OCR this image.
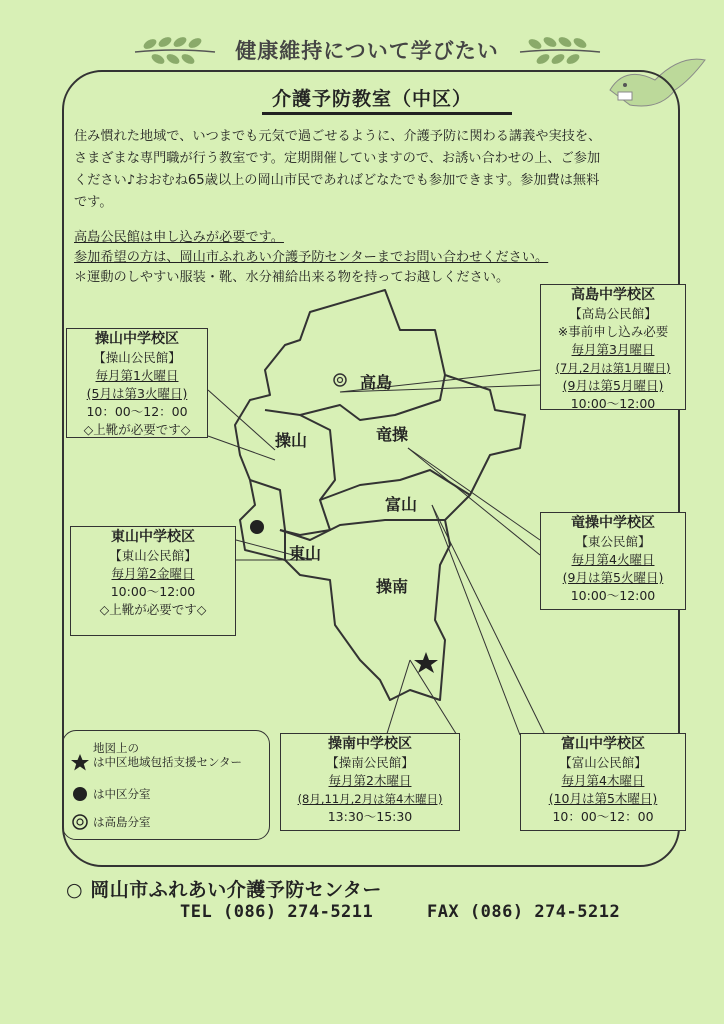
健康維持について学びたい
介護予防教室（中区）
住み慣れた地域で、いつまでも元気で過ごせるように、介護予防に関わる講義や実技を、
さまざまな専門職が行う教室です。定期開催していますので、お誘い合わせの上、ご参加
ください♪おおむね65歳以上の岡山市民であればどなたでも参加できます。参加費は無料
です。
高島公民館は申し込みが必要です。
参加希望の方は、岡山市ふれあい介護予防センターまでお問い合わせください。
＊運動のしやすい服装・靴、水分補給出来る物を持ってお越しください。
高島
操山	竜操
富山
東山
操南
高島中学校区
【高島公民館】
※事前申し込み必要
毎月第3月曜日
(7月,2月は第1月曜日)
(9月は第5月曜日)
10:00～12:00
操山中学校区
【操山公民館】
毎月第1火曜日
(5月は第3火曜日)
10：00～12：00
◇上靴が必要です◇
東山中学校区
【東山公民館】
毎月第2金曜日
10:00～12:00
◇上靴が必要です◇
竜操中学校区
【東公民館】
毎月第4火曜日
(9月は第5火曜日)
10:00～12:00
操南中学校区
【操南公民館】
毎月第2木曜日
(8月,11月,2月は第4木曜日)
13:30～15:30
富山中学校区
【富山公民館】
毎月第4木曜日
(10月は第5木曜日)
10：00～12：00
地図上の
は中区地域包括支援センター
は中区分室
は高島分室
○ 岡山市ふれあい介護予防センター
TEL (086) 274-5211	FAX (086) 274-5212
